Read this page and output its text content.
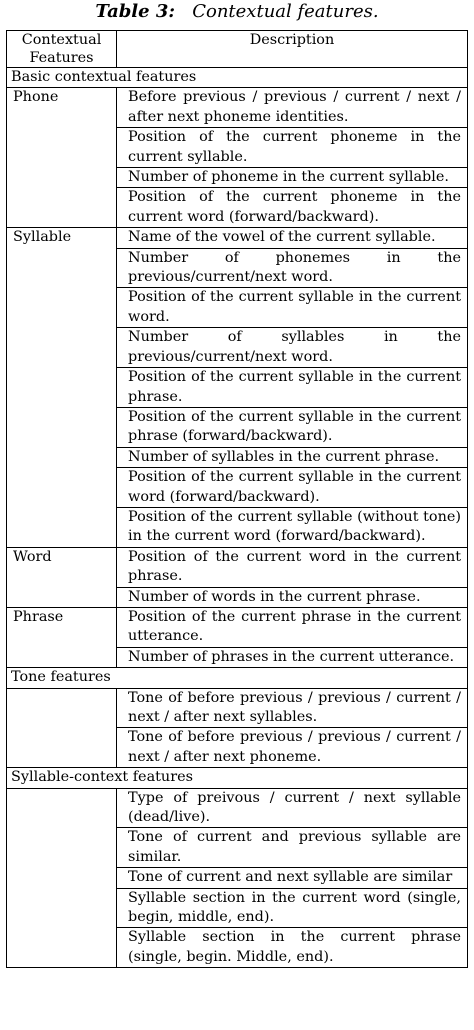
Table 3: Contextual features.
Contextual
Features	Description
Basic contextual features	
Phone	Before previous / previous / current / next / after next phoneme identities.
	Position of the current phoneme in the current syllable.
	Number of phoneme in the current syllable.
	Position of the current phoneme in the current word (forward/backward).
Syllable	Name of the vowel of the current syllable.
	Number of phonemes in the previous/current/next word.
	Position of the current syllable in the current word.
	Number of syllables in the previous/current/next word.
	Position of the current syllable in the current phrase.
	Position of the current syllable in the current phrase (forward/backward).
	Number of syllables in the current phrase.
	Position of the current syllable in the current word (forward/backward).
	Position of the current syllable (without tone) in the current word (forward/backward).
Word	Position of the current word in the current phrase.
	Number of words in the current phrase.
Phrase	Position of the current phrase in the current utterance.
	Number of phrases in the current utterance.
Tone features	
	Tone of before previous / previous / current / next / after next syllables.
	Tone of before previous / previous / current / next / after next phoneme.
Syllable-context features	
	Type of preivous / current / next syllable (dead/live).
	Tone of current and previous syllable are similar.
	Tone of current and next syllable are similar
	Syllable section in the current word (single, begin, middle, end).
	Syllable section in the current phrase (single, begin. Middle, end).
